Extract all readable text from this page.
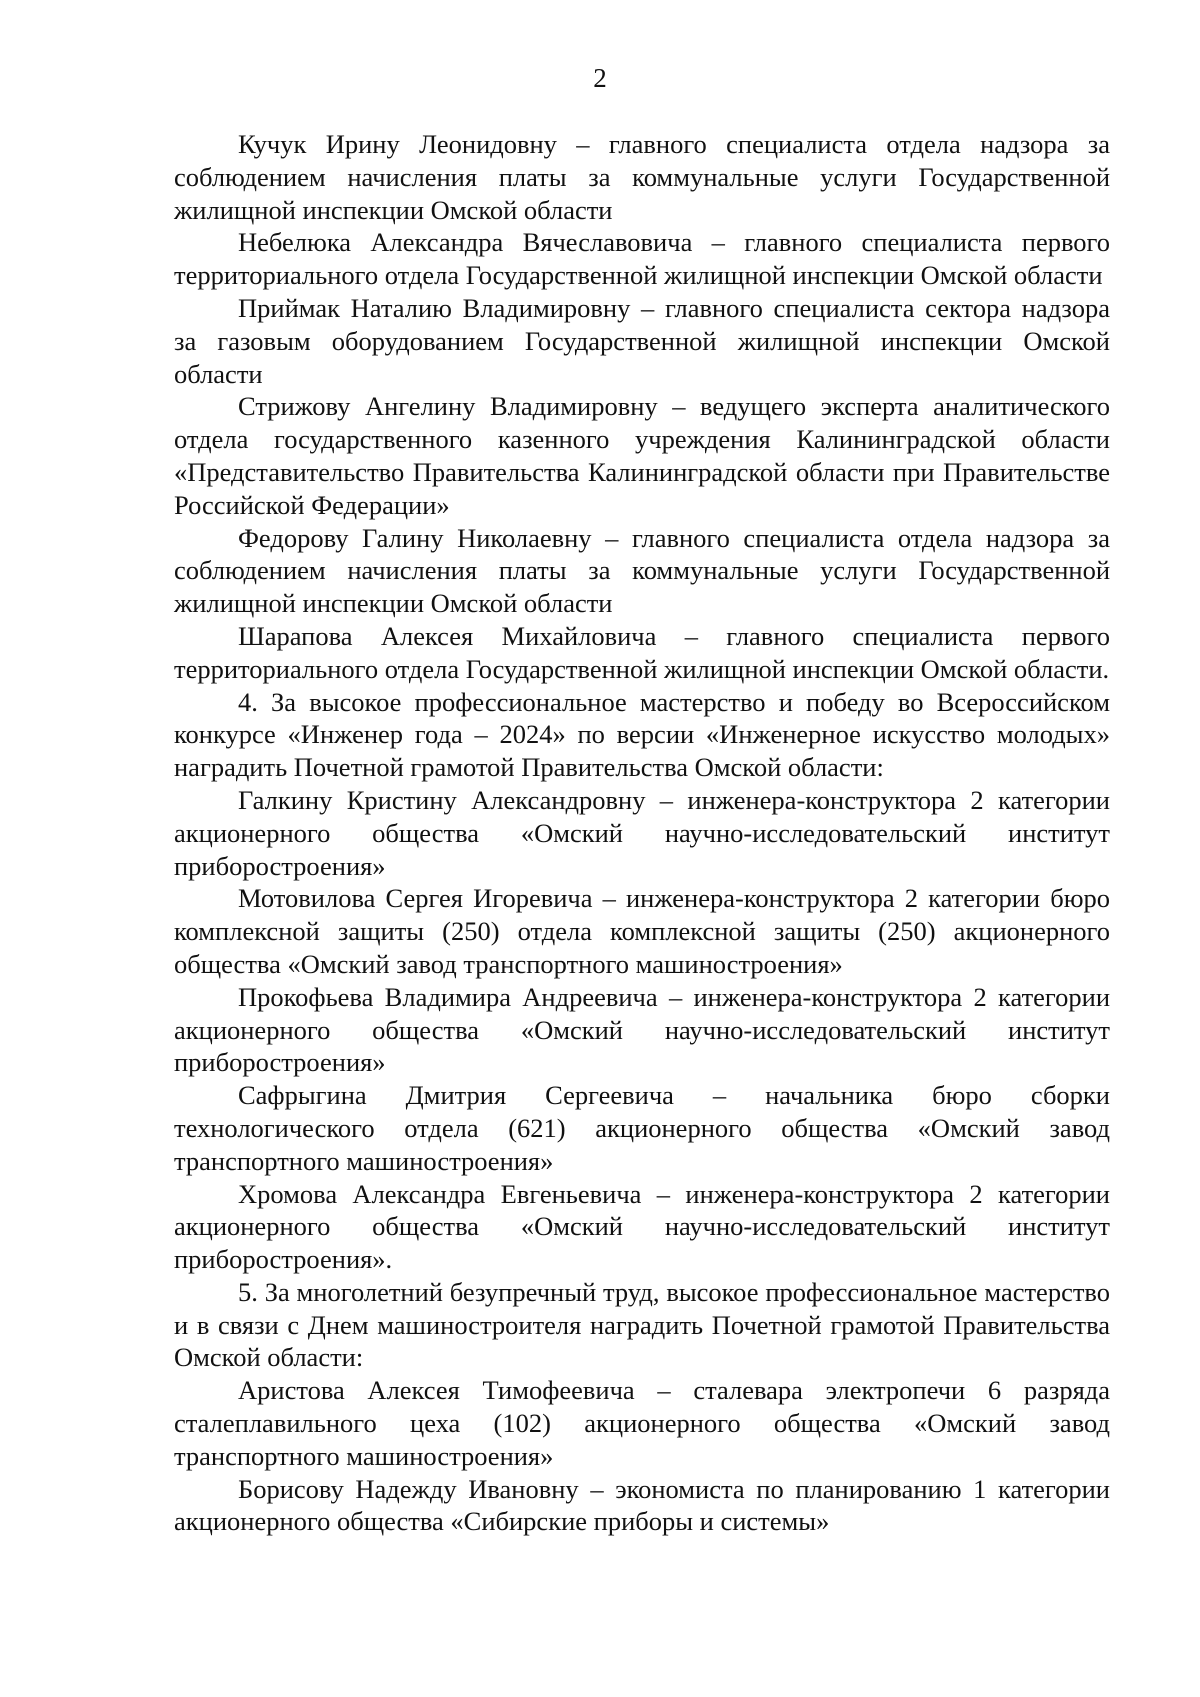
2

Кучук Ирину Леонидовну – главного специалиста отдела надзора за соблюдением начисления платы за коммунальные услуги Государственной жилищной инспекции Омской области

Небелюка Александра Вячеславовича – главного специалиста первого территориального отдела Государственной жилищной инспекции Омской области

Приймак Наталию Владимировну – главного специалиста сектора надзора за газовым оборудованием Государственной жилищной инспекции Омской области

Стрижову Ангелину Владимировну – ведущего эксперта аналитического отдела государственного казенного учреждения Калининградской области «Представительство Правительства Калининградской области при Правительстве Российской Федерации»

Федорову Галину Николаевну – главного специалиста отдела надзора за соблюдением начисления платы за коммунальные услуги Государственной жилищной инспекции Омской области

Шарапова Алексея Михайловича – главного специалиста первого территориального отдела Государственной жилищной инспекции Омской области.

4. За высокое профессиональное мастерство и победу во Всероссийском конкурсе «Инженер года – 2024» по версии «Инженерное искусство молодых» наградить Почетной грамотой Правительства Омской области:

Галкину Кристину Александровну – инженера-конструктора 2 категории акционерного общества «Омский научно-исследовательский институт приборостроения»

Мотовилова Сергея Игоревича – инженера-конструктора 2 категории бюро комплексной защиты (250) отдела комплексной защиты (250) акционерного общества «Омский завод транспортного машиностроения»

Прокофьева Владимира Андреевича – инженера-конструктора 2 категории акционерного общества «Омский научно-исследовательский институт приборостроения»

Сафрыгина Дмитрия Сергеевича – начальника бюро сборки технологического отдела (621) акционерного общества «Омский завод транспортного машиностроения»

Хромова Александра Евгеньевича – инженера-конструктора 2 категории акционерного общества «Омский научно-исследовательский институт приборостроения».

5. За многолетний безупречный труд, высокое профессиональное мастерство и в связи с Днем машиностроителя наградить Почетной грамотой Правительства Омской области:

Аристова Алексея Тимофеевича – сталевара электропечи 6 разряда сталеплавильного цеха (102) акционерного общества «Омский завод транспортного машиностроения»

Борисову Надежду Ивановну – экономиста по планированию 1 категории акционерного общества «Сибирские приборы и системы»
